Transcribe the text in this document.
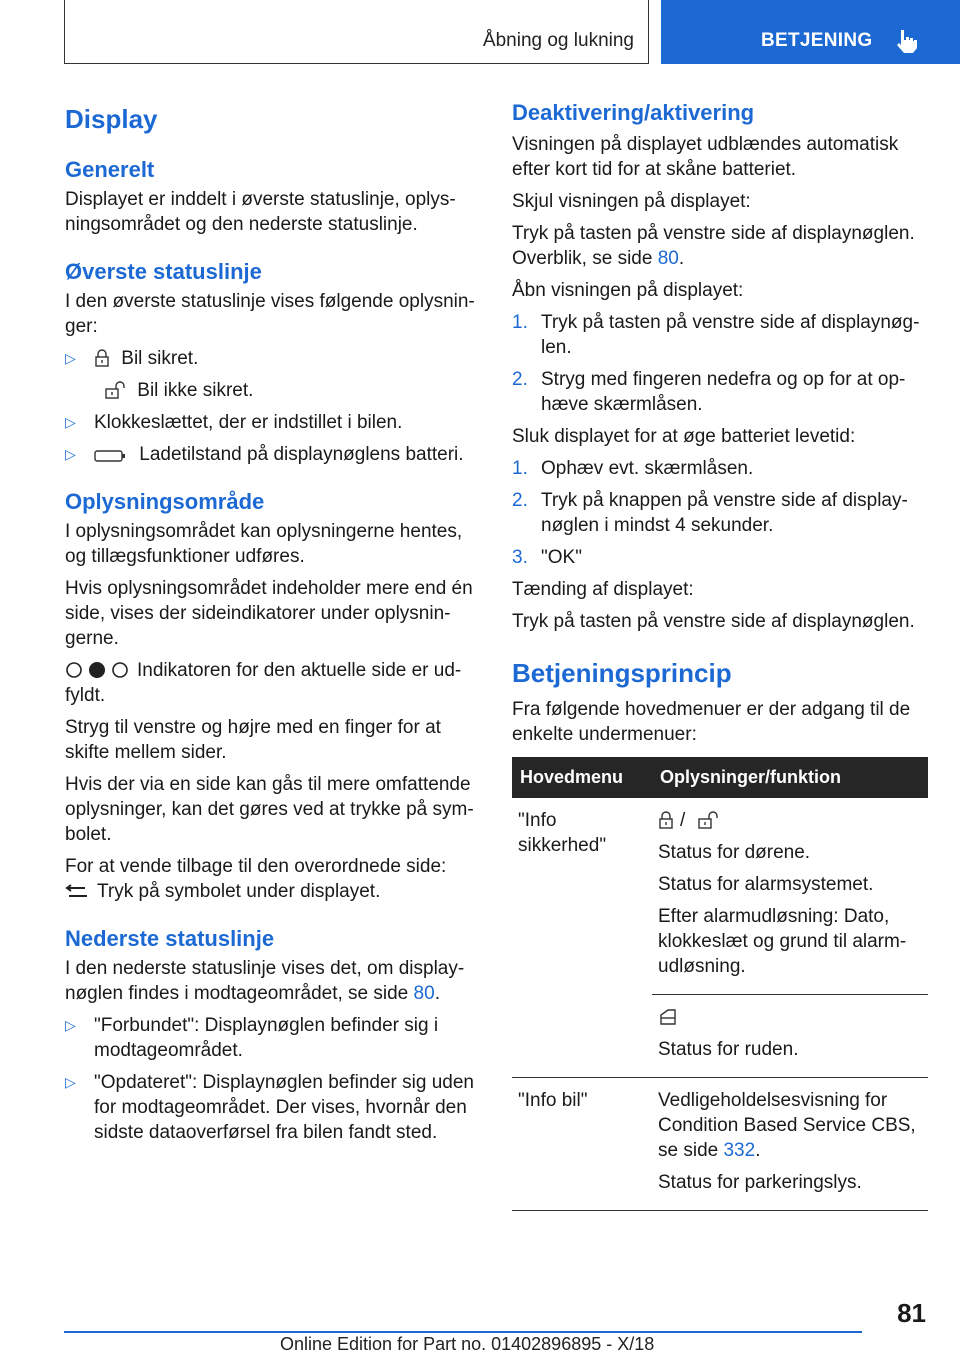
Åbning og lukning	BETJENING
Display
Generelt

Displayet er inddelt i øverste statuslinje, oplys-ningsområdet og den nederste statuslinje.

Øverste statuslinje

I den øverste statuslinje vises følgende oplysnin-ger:

▷ Bil sikret.
Bil ikke sikret.
▷ Klokkeslættet, der er indstillet i bilen.
▷	Ladetilstand på displaynøglens batteri.
Oplysningsområde

I oplysningsområdet kan oplysningerne hentes, og tillægsfunktioner udføres.

Hvis oplysningsområdet indeholder mere end én side, vises der sideindikatorer under oplysnin-gerne.

Indikatoren for den aktuelle side er ud-fyldt.

Stryg til venstre og højre med en finger for at skifte mellem sider.

Hvis der via en side kan gås til mere omfattende oplysninger, kan det gøres ved at trykke på sym-bolet.

For at vende tilbage til den overordnede side:
Tryk på symbolet under displayet.

Nederste statuslinje

I den nederste statuslinje vises det, om display-nøglen findes i modtageområdet, se side 80.

▷ "Forbundet": Displaynøglen befinder sig i modtageområdet.
▷ "Opdateret": Displaynøglen befinder sig uden for modtageområdet. Der vises, hvornår den sidste dataoverførsel fra bilen fandt sted.
Deaktivering/aktivering

Visningen på displayet udblændes automatisk efter kort tid for at skåne batteriet.

Skjul visningen på displayet:

Tryk på tasten på venstre side af displaynøglen. Overblik, se side 80.

Åbn visningen på displayet:

1. Tryk på tasten på venstre side af displaynøg-len.
2. Stryg med fingeren nedefra og op for at op-hæve skærmlåsen.

Sluk displayet for at øge batteriet levetid:

1. Ophæv evt. skærmlåsen.
2. Tryk på knappen på venstre side af display-nøglen i mindst 4 sekunder.
3. "OK"

Tænding af displayet:

Tryk på tasten på venstre side af displaynøglen.

Betjeningsprincip

Fra følgende hovedmenuer er der adgang til de enkelte undermenuer:

Hovedmenu	Oplysninger/funktion
"Info sikkerhed"	/

Status for dørene.

Status for alarmsystemet.

Efter alarmudløsning: Dato, klokkeslæt og grund til alarm-udløsning.

	Status for ruden.

"Info bil"	Vedligeholdelsesvisning for Condition Based Service CBS, se side 332.

Status for parkeringslys.

81
Online Edition for Part no. 01402896895 - X/18
